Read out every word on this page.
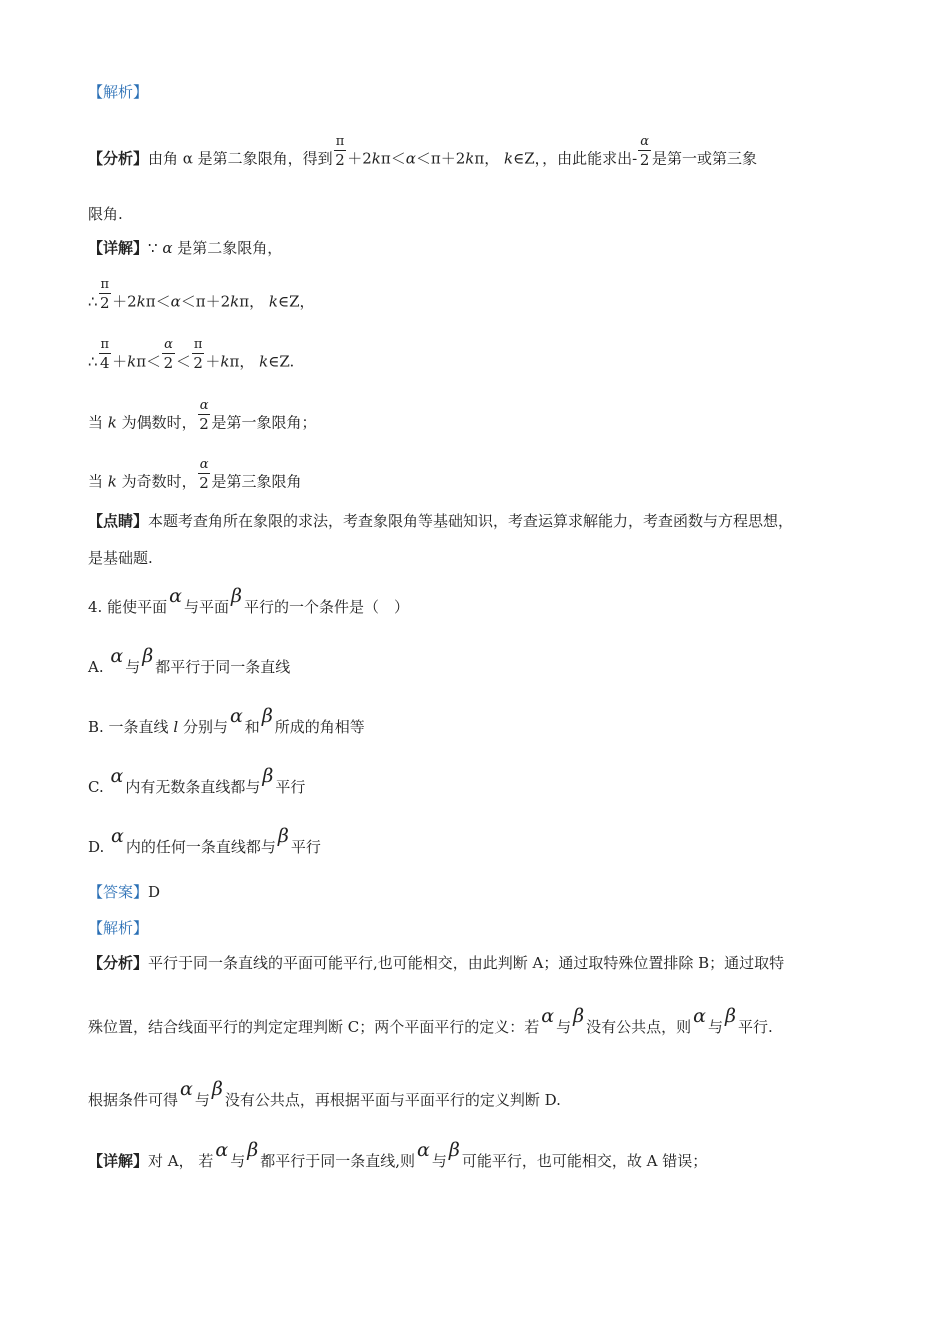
【解析】
【分析】由角 α 是第二象限角，得到 $\frac{\pi}{2} +2k\pi<\alpha<\pi+2k\pi$， k∈Z，，由此能求出- $\frac{\alpha}{2}$ 是第一或第三象
限角.
【详解】∵ α 是第二象限角，
∴ $\frac{\pi}{2} +2k\pi<\alpha<\pi+2k\pi$， k∈Z，
∴ $\frac{\pi}{4} +k\pi< \frac{\alpha}{2} < \frac{\pi}{2} +k\pi$， k∈Z.
当 k 为偶数时， $\frac{\alpha}{2}$ 是第一象限角；
当 k 为奇数时， $\frac{\alpha}{2}$ 是第三象限角
【点睛】本题考查角所在象限的求法，考查象限角等基础知识，考查运算求解能力，考查函数与方程思想，
是基础题.
4. 能使平面 α 与平面 β 平行的一个条件是（　）
A. α 与 β 都平行于同一条直线
B. 一条直线 l 分别与 α 和 β 所成的角相等
C. α 内有无数条直线都与 β 平行
D. α 内的任何一条直线都与 β 平行
【答案】D
【解析】
【分析】平行于同一条直线的平面可能平行,也可能相交，由此判断 A；通过取特殊位置排除 B；通过取特
殊位置，结合线面平行的判定定理判断 C；两个平面平行的定义：若 α 与 β 没有公共点，则 α 与 β 平行.
根据条件可得 α 与 β 没有公共点，再根据平面与平面平行的定义判断 D.
【详解】对 A， 若 α 与 β 都平行于同一条直线,则 α 与 β 可能平行，也可能相交，故 A 错误；
